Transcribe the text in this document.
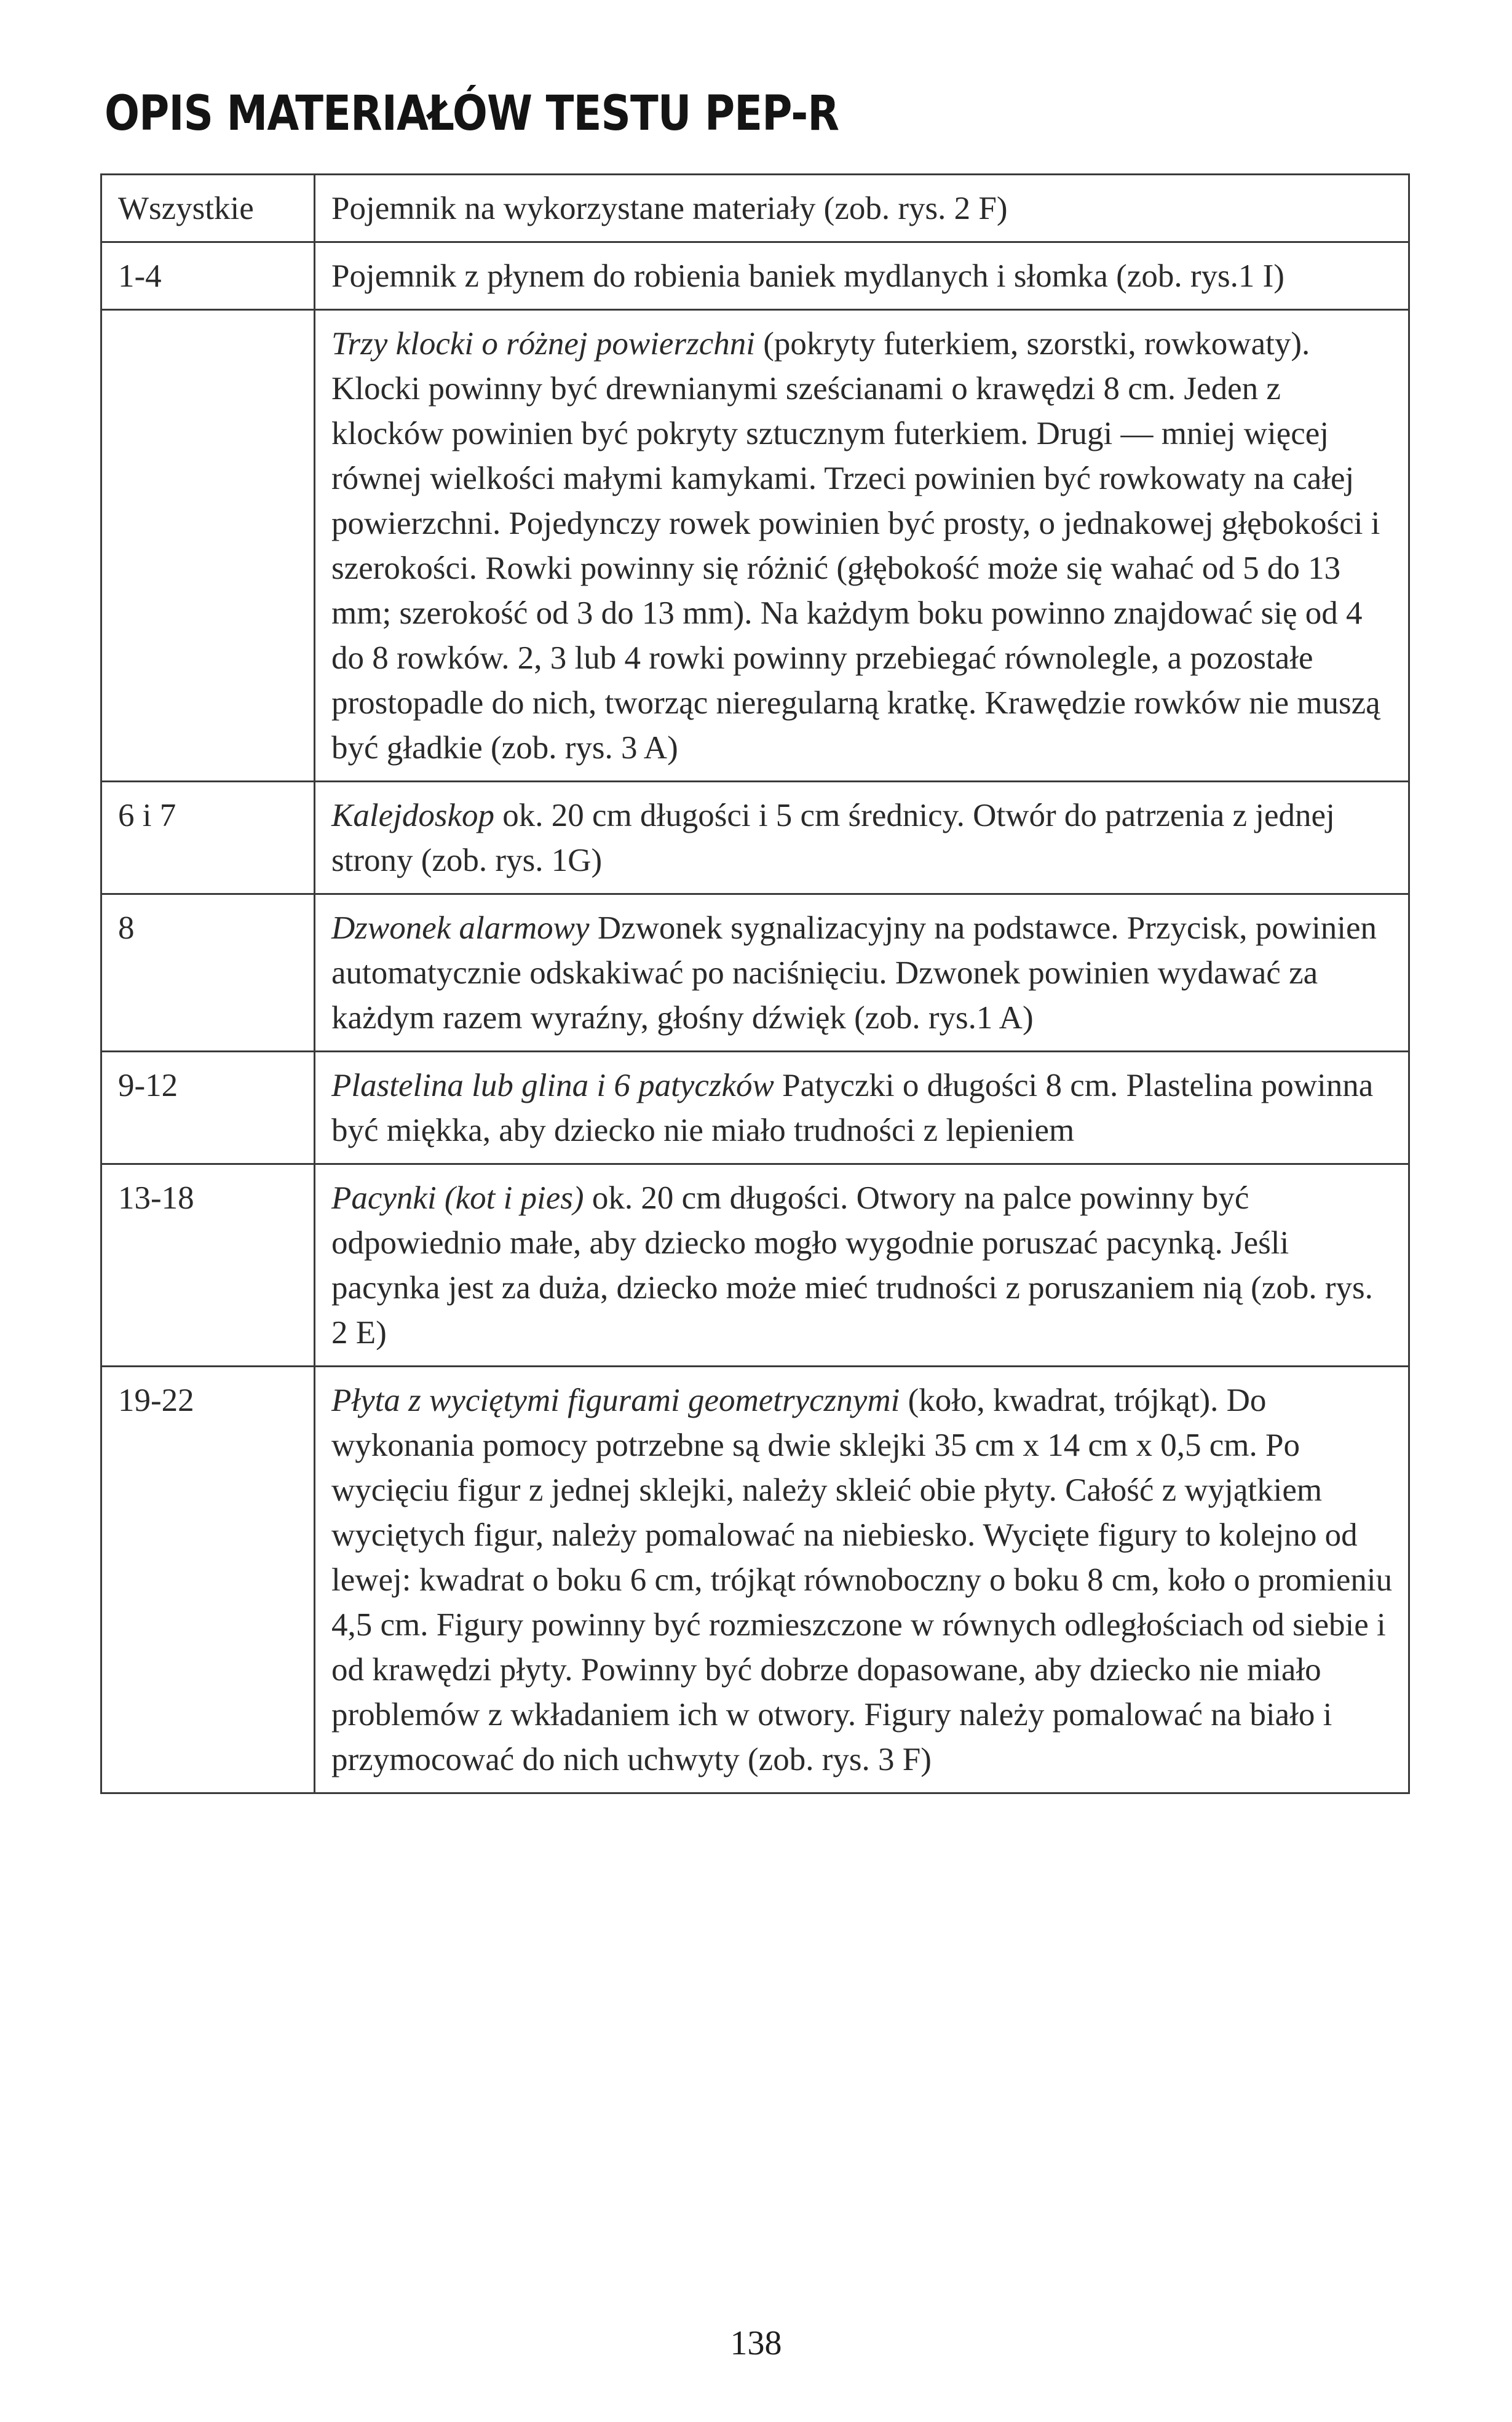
OPIS MATERIAŁÓW TESTU PEP-R
Wszystkie	Pojemnik na wykorzystane materiały (zob. rys. 2 F)
1-4	Pojemnik z płynem do robienia baniek mydlanych i słomka (zob. rys.1 I)
	Trzy klocki o różnej powierzchni (pokryty futerkiem, szorstki, rowkowaty). Klocki powinny być drewnianymi sześcianami o krawędzi 8 cm. Jeden z klocków powinien być pokryty sztucznym futerkiem. Drugi — mniej więcej równej wielkości małymi kamykami. Trzeci powinien być rowkowaty na całej powierzchni. Pojedynczy rowek powinien być prosty, o jednakowej głębokości i szerokości. Rowki powinny się różnić (głębokość może się wahać od 5 do 13 mm; szerokość od 3 do 13 mm). Na każdym boku powinno znajdować się od 4 do 8 rowków. 2, 3 lub 4 rowki powinny przebiegać równolegle, a pozostałe prostopadle do nich, tworząc nieregularną kratkę. Krawędzie rowków nie muszą być gładkie (zob. rys. 3 A)
6 i 7	Kalejdoskop ok. 20 cm długości i 5 cm średnicy. Otwór do patrzenia z jednej strony (zob. rys. 1G)
8	Dzwonek alarmowy Dzwonek sygnalizacyjny na podstawce. Przycisk, powinien automatycznie odskakiwać po naciśnięciu. Dzwonek powinien wydawać za każdym razem wyraźny, głośny dźwięk (zob. rys.1 A)
9-12	Plastelina lub glina i 6 patyczków Patyczki o długości 8 cm. Plastelina powinna być miękka, aby dziecko nie miało trudności z lepieniem
13-18	Pacynki (kot i pies) ok. 20 cm długości. Otwory na palce powinny być odpowiednio małe, aby dziecko mogło wygodnie poruszać pacynką. Jeśli pacynka jest za duża, dziecko może mieć trudności z poruszaniem nią (zob. rys. 2 E)
19-22	Płyta z wyciętymi figurami geometrycznymi (koło, kwadrat, trójkąt). Do wykonania pomocy potrzebne są dwie sklejki 35 cm x 14 cm x 0,5 cm. Po wycięciu figur z jednej sklejki, należy skleić obie płyty. Całość z wyjątkiem wyciętych figur, należy pomalować na niebiesko. Wycięte figury to kolejno od lewej: kwadrat o boku 6 cm, trójkąt równoboczny o boku 8 cm, koło o promieniu 4,5 cm. Figury powinny być rozmieszczone w równych odległościach od siebie i od krawędzi płyty. Powinny być dobrze dopasowane, aby dziecko nie miało problemów z wkładaniem ich w otwory. Figury należy pomalować na biało i przymocować do nich uchwyty (zob. rys. 3 F)
138
